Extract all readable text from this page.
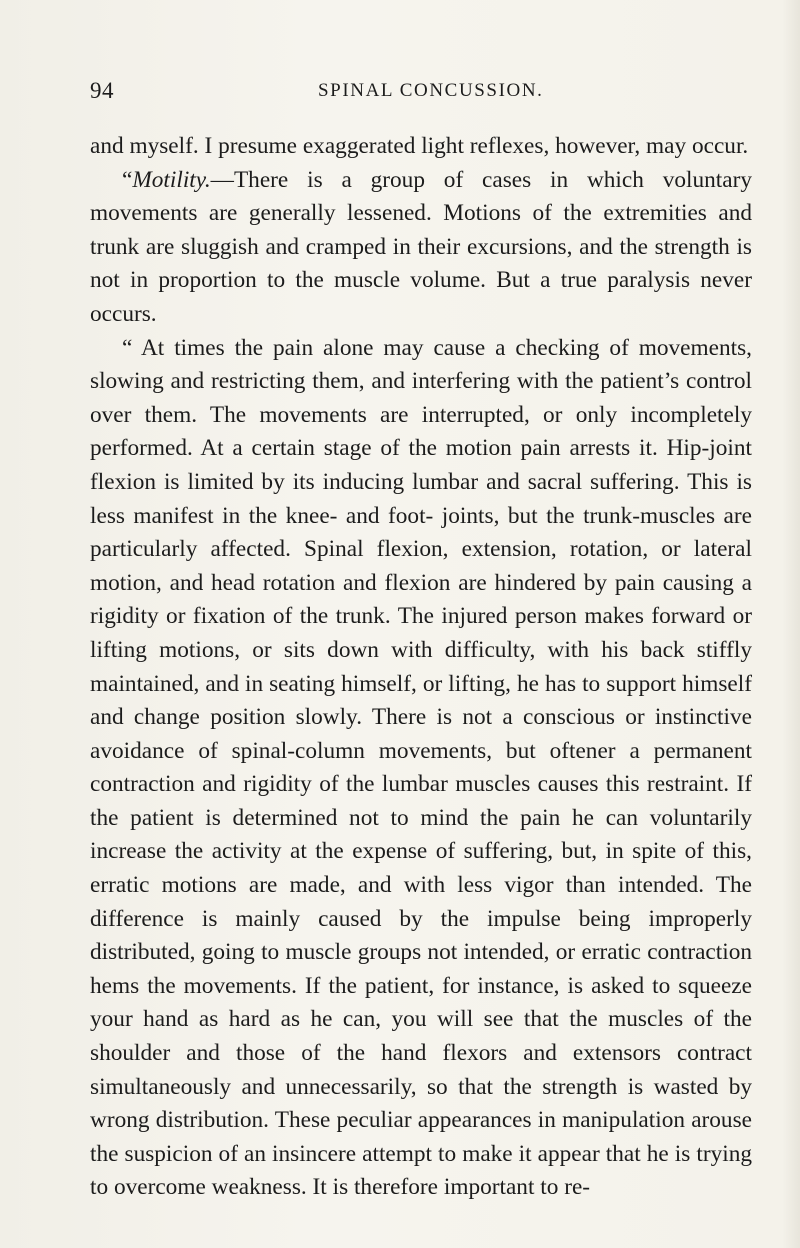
94	SPINAL CONCUSSION.

and myself. I presume exaggerated light reflexes, however, may occur.

“Motility.—There is a group of cases in which voluntary movements are generally lessened. Motions of the extremities and trunk are sluggish and cramped in their excursions, and the strength is not in proportion to the muscle volume. But a true paralysis never occurs.

“ At times the pain alone may cause a checking of movements, slowing and restricting them, and interfering with the patient’s control over them. The movements are interrupted, or only incompletely performed. At a certain stage of the motion pain arrests it. Hip-joint flexion is limited by its inducing lumbar and sacral suffering. This is less manifest in the knee- and foot- joints, but the trunk-muscles are particularly affected. Spinal flexion, extension, rotation, or lateral motion, and head rotation and flexion are hindered by pain causing a rigidity or fixation of the trunk. The injured person makes forward or lifting motions, or sits down with difficulty, with his back stiffly maintained, and in seating himself, or lifting, he has to support himself and change position slowly. There is not a conscious or instinctive avoidance of spinal-column movements, but oftener a permanent contraction and rigidity of the lumbar muscles causes this restraint. If the patient is determined not to mind the pain he can voluntarily increase the activity at the expense of suffering, but, in spite of this, erratic motions are made, and with less vigor than intended. The difference is mainly caused by the impulse being improperly distributed, going to muscle groups not intended, or erratic contraction hems the movements. If the patient, for instance, is asked to squeeze your hand as hard as he can, you will see that the muscles of the shoulder and those of the hand flexors and extensors contract simultaneously and unnecessarily, so that the strength is wasted by wrong distribution. These peculiar appearances in manipulation arouse the suspicion of an insincere attempt to make it appear that he is trying to overcome weakness. It is therefore important to re-
